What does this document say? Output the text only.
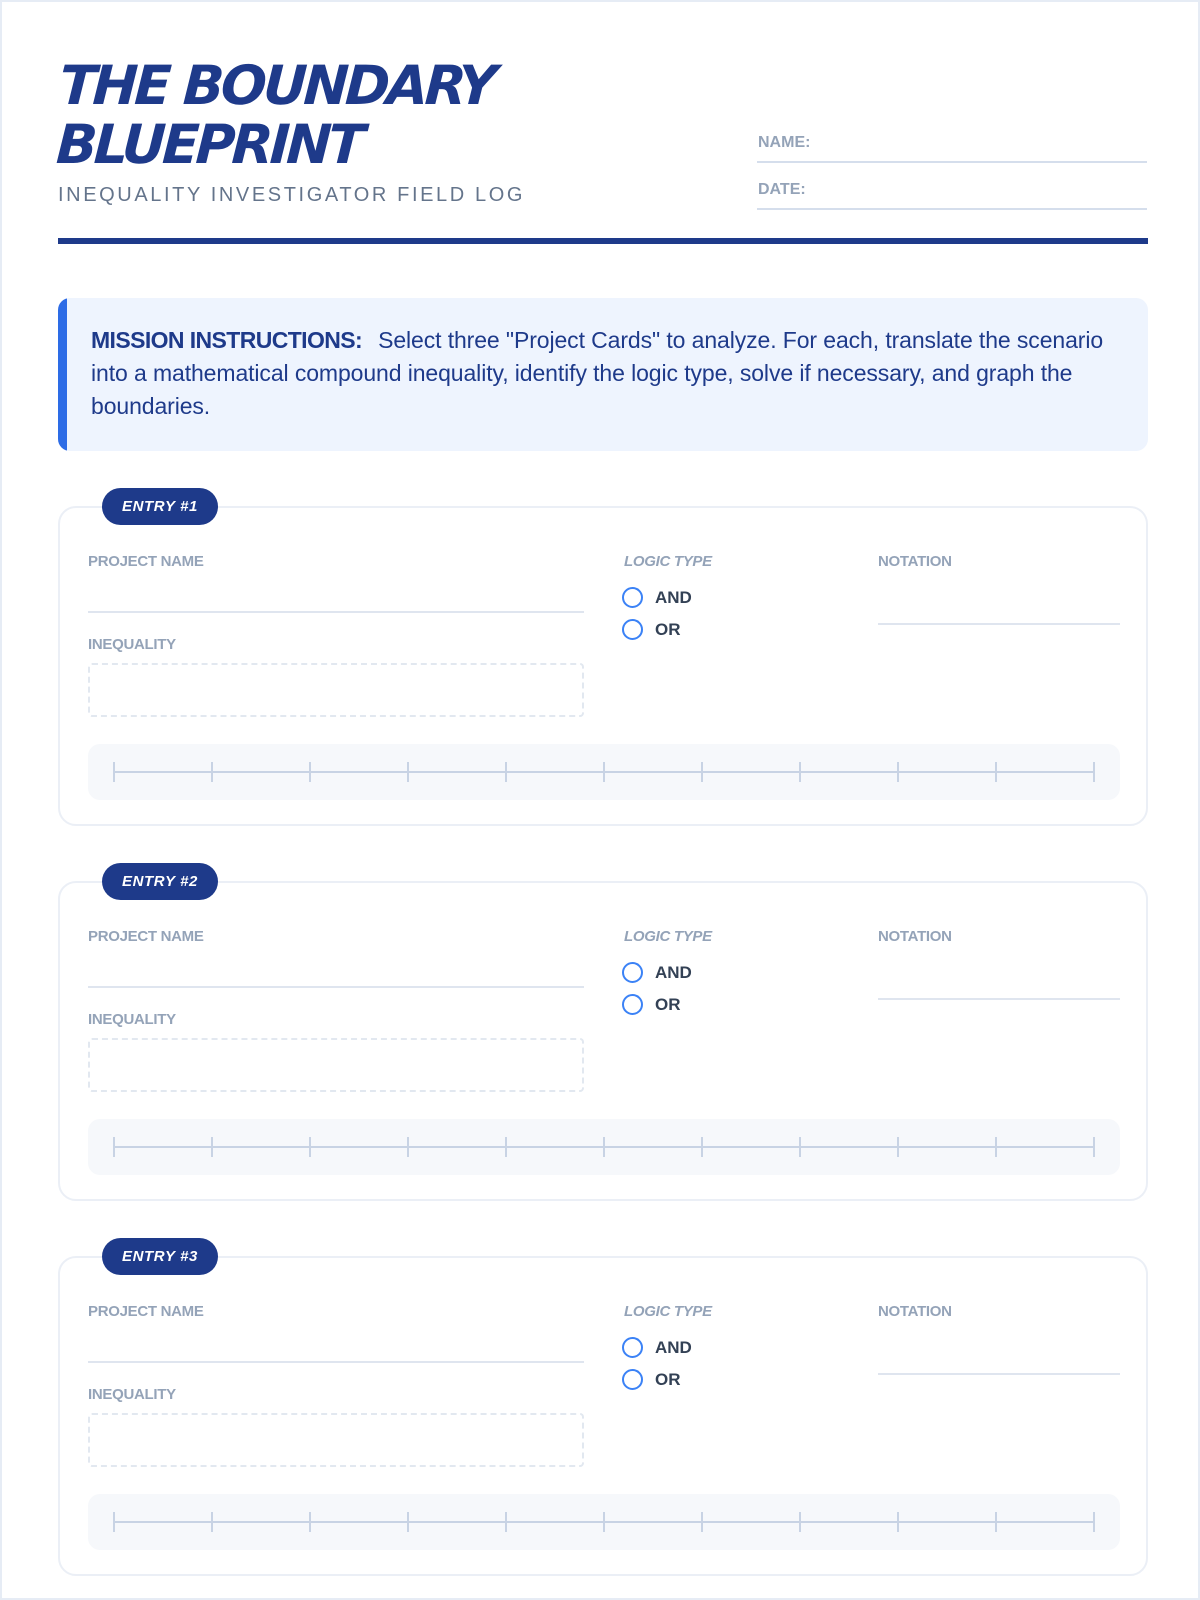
THE BOUNDARY
BLUEPRINT
INEQUALITY INVESTIGATOR FIELD LOG
NAME:
DATE:
MISSION INSTRUCTIONS: Select three "Project Cards" to analyze. For each, translate the scenario into a mathematical compound inequality, identify the logic type, solve if necessary, and graph the boundaries.
ENTRY #1
PROJECT NAME
INEQUALITY
LOGIC TYPE
AND
OR
NOTATION
ENTRY #2
PROJECT NAME
INEQUALITY
LOGIC TYPE
AND
OR
NOTATION
ENTRY #3
PROJECT NAME
INEQUALITY
LOGIC TYPE
AND
OR
NOTATION
